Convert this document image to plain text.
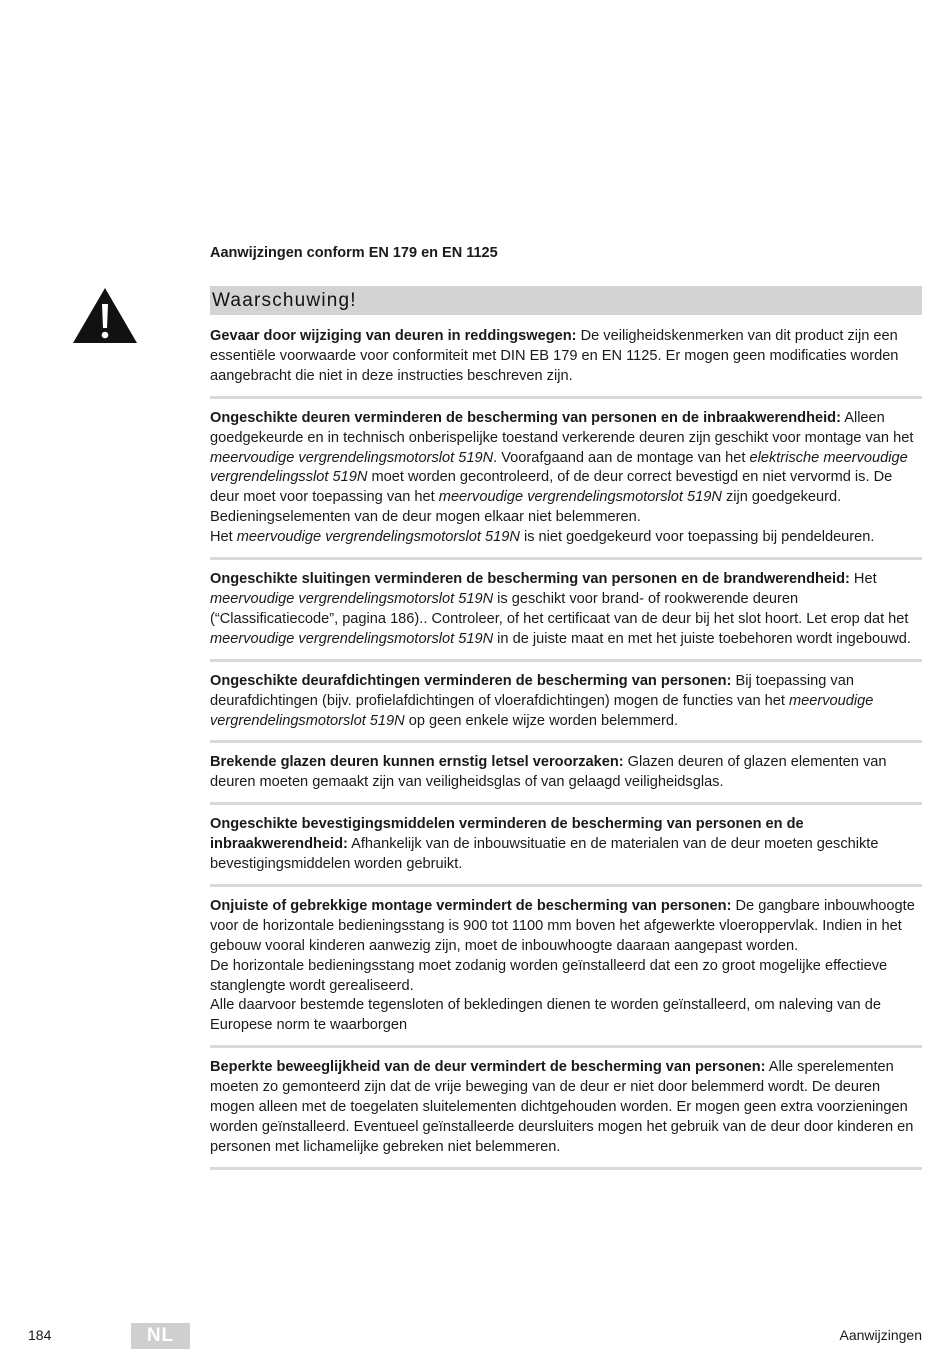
Aanwijzingen conform EN 179 en EN 1125
Waarschuwing!

Gevaar door wijziging van deuren in reddingswegen: De veiligheidskenmerken van dit product zijn een essentiële voorwaarde voor conformiteit met DIN EB 179 en EN 1125. Er mogen geen modificaties worden aangebracht die niet in deze instructies beschreven zijn.

Ongeschikte deuren verminderen de bescherming van personen en de inbraakwerendheid: Alleen goedgekeurde en in technisch onberispelijke toestand verkerende deuren zijn geschikt voor montage van het meervoudige vergrendelingsmotorslot 519N. Voorafgaand aan de montage van het elektrische meervoudige vergrendelingsslot 519N moet worden gecontroleerd, of de deur correct bevestigd en niet vervormd is. De deur moet voor toepassing van het meervoudige vergrendelingsmotorslot 519N zijn goedgekeurd. Bedieningselementen van de deur mogen elkaar niet belemmeren.
Het meervoudige vergrendelingsmotorslot 519N is niet goedgekeurd voor toepassing bij pendeldeuren.

Ongeschikte sluitingen verminderen de bescherming van personen en de brandwerendheid: Het meervoudige vergrendelingsmotorslot 519N is geschikt voor brand- of rookwerende deuren (“Classificatiecode”, pagina 186).. Controleer, of het certificaat van de deur bij het slot hoort. Let erop dat het meervoudige vergrendelingsmotorslot 519N in de juiste maat en met het juiste toebehoren wordt ingebouwd.

Ongeschikte deurafdichtingen verminderen de bescherming van personen: Bij toepassing van deurafdichtingen (bijv. profielafdichtingen of vloerafdichtingen) mogen de functies van het meervoudige vergrendelingsmotorslot 519N op geen enkele wijze worden belemmerd.

Brekende glazen deuren kunnen ernstig letsel veroorzaken: Glazen deuren of glazen elementen van deuren moeten gemaakt zijn van veiligheidsglas of van gelaagd veiligheidsglas.

Ongeschikte bevestigingsmiddelen verminderen de bescherming van personen en de inbraakwerendheid: Afhankelijk van de inbouwsituatie en de materialen van de deur moeten geschikte bevestigingsmiddelen worden gebruikt.

Onjuiste of gebrekkige montage vermindert de bescherming van personen: De gangbare inbouwhoogte voor de horizontale bedieningsstang is 900 tot 1100 mm boven het afgewerkte vloeroppervlak. Indien in het gebouw vooral kinderen aanwezig zijn, moet de inbouwhoogte daaraan aangepast worden.
De horizontale bedieningsstang moet zodanig worden geïnstalleerd dat een zo groot mogelijke effectieve stanglengte wordt gerealiseerd.
Alle daarvoor bestemde tegensloten of bekledingen dienen te worden geïnstalleerd, om naleving van de Europese norm te waarborgen

Beperkte beweeglijkheid van de deur vermindert de bescherming van personen: Alle sperelementen moeten zo gemonteerd zijn dat de vrije beweging van de deur er niet door belemmerd wordt. De deuren mogen alleen met de toegelaten sluitelementen dichtgehouden worden. Er mogen geen extra voorzieningen worden geïnstalleerd. Eventueel geïnstalleerde deursluiters mogen het gebruik van de deur door kinderen en personen met lichamelijke gebreken niet belemmeren.

184	NL	Aanwijzingen
